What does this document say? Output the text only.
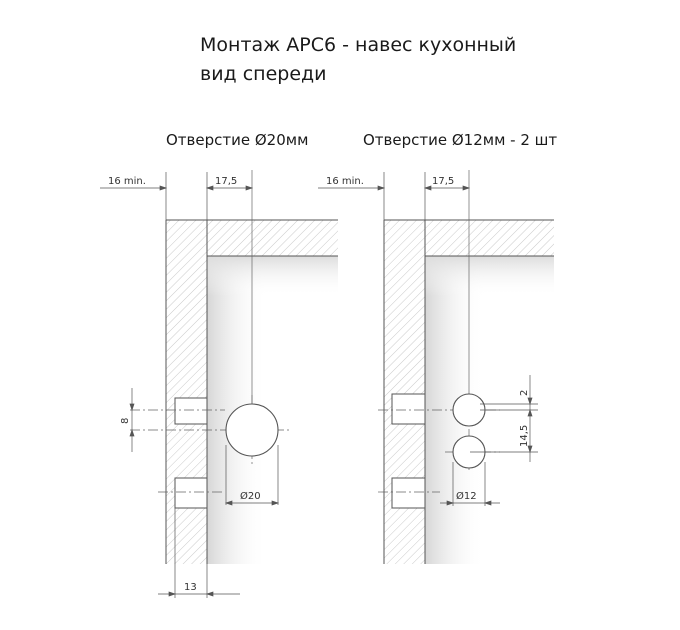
Монтаж APC6 - навес кухонный
вид спереди
Отверстие Ø20мм	Отверстие Ø12мм - 2 шт
16 min.	17,5
8
Ø20
13
16 min.	17,5
2
14,5
Ø12
